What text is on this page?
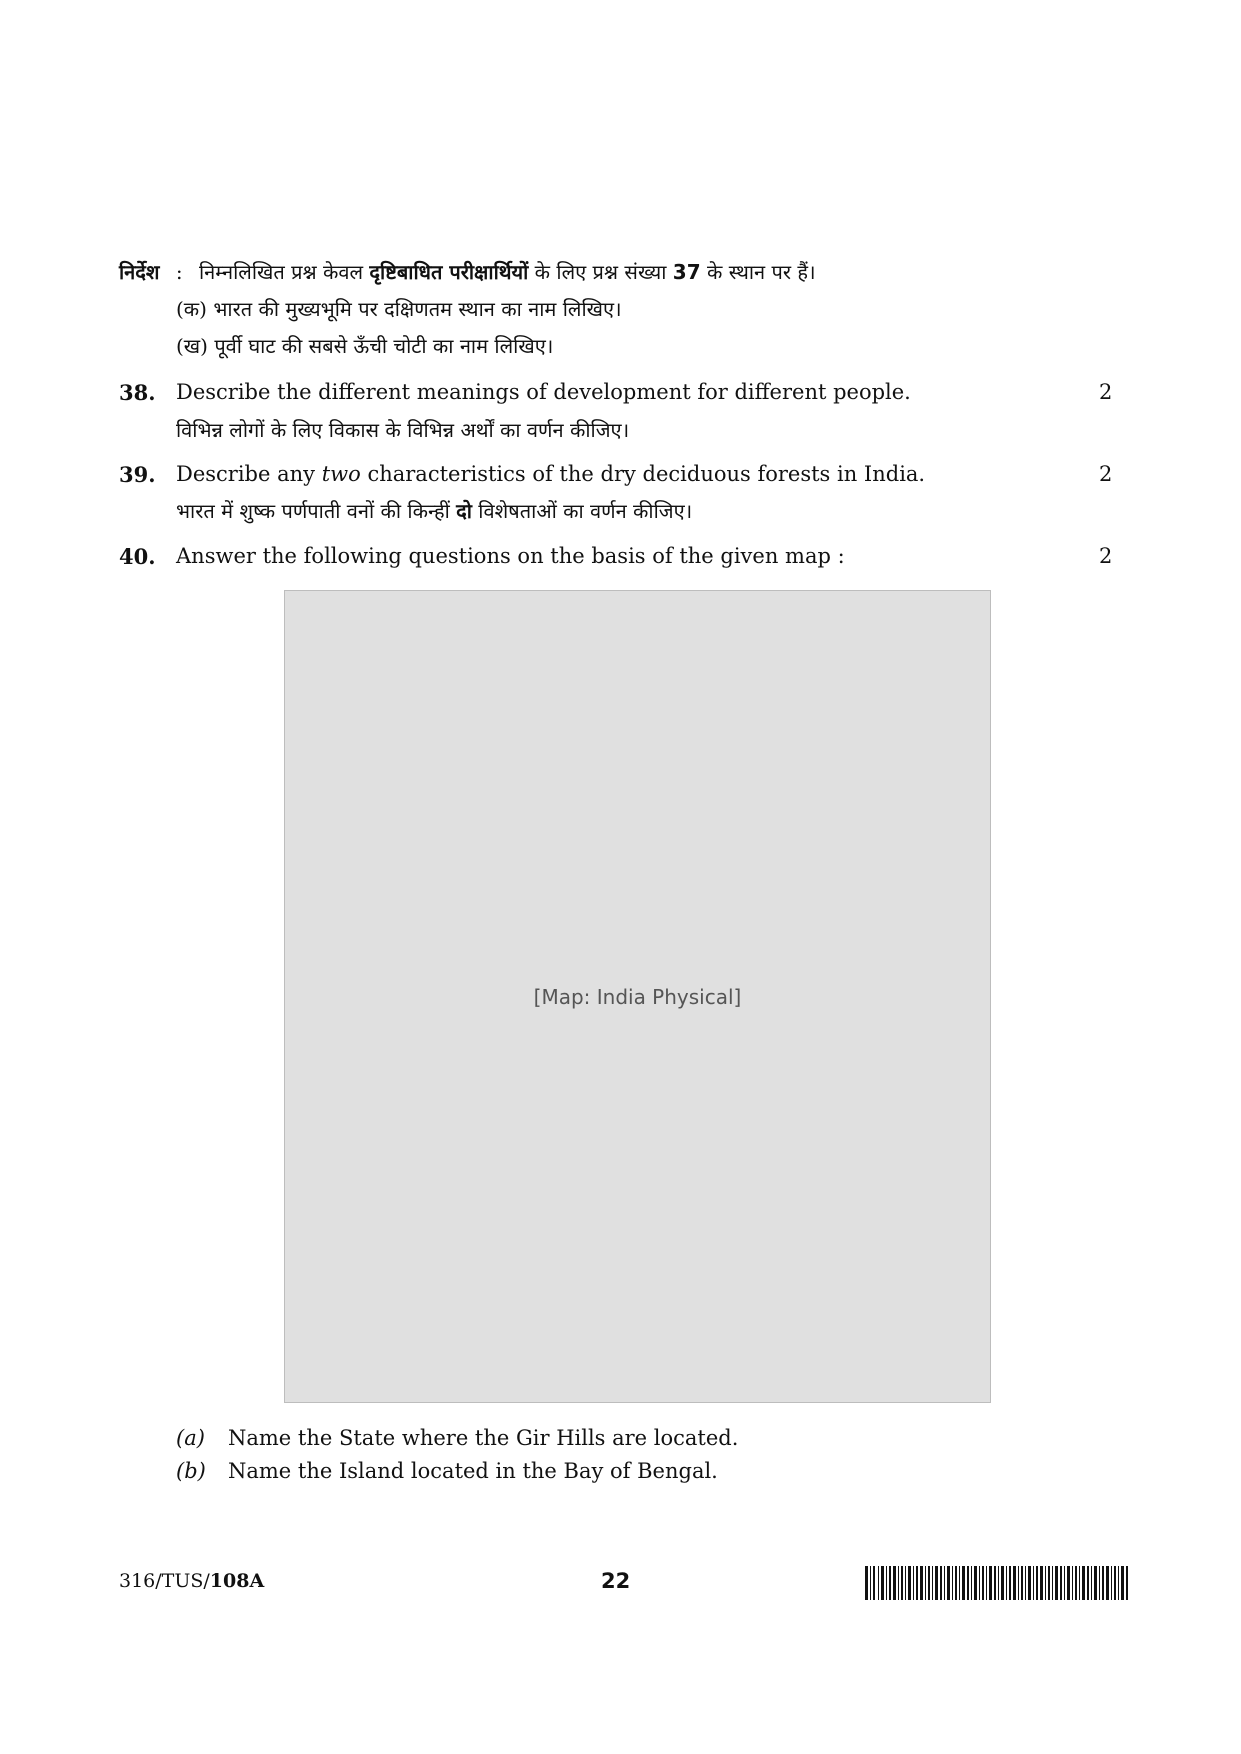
निर्देश : निम्नलिखित प्रश्न केवल दृष्टिबाधित परीक्षार्थियों के लिए प्रश्न संख्या 37 के स्थान पर हैं।
(क) भारत की मुख्यभूमि पर दक्षिणतम स्थान का नाम लिखिए।
(ख) पूर्वी घाट की सबसे ऊँची चोटी का नाम लिखिए।
38. Describe the different meanings of development for different people.
विभिन्न लोगों के लिए विकास के विभिन्न अर्थों का वर्णन कीजिए।
2
39. Describe any two characteristics of the dry deciduous forests in India.
भारत में शुष्क पर्णपाती वनों की किन्हीं दो विशेषताओं का वर्णन कीजिए।
2
40. Answer the following questions on the basis of the given map :	2
[Map: India Physical]
(a) Name the State where the Gir Hills are located.
(b) Name the Island located in the Bay of Bengal.
316/TUS/108A	22
